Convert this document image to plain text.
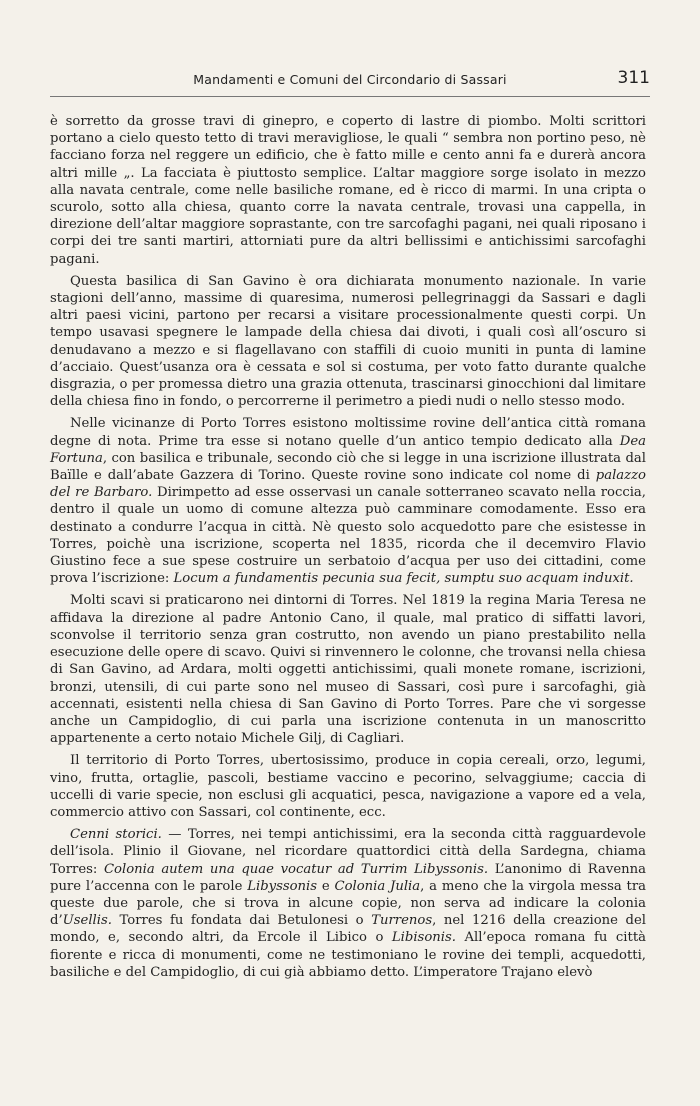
Mandamenti e Comuni del Circondario di Sassari	311

è sorretto da grosse travi di ginepro, e coperto di lastre di piombo. Molti scrittori portano a cielo questo tetto di travi meravigliose, le quali “ sembra non portino peso, nè facciano forza nel reggere un edificio, che è fatto mille e cento anni fa e durerà ancora altri mille „. La facciata è piuttosto semplice. L’altar maggiore sorge isolato in mezzo alla navata centrale, come nelle basiliche romane, ed è ricco di marmi. In una cripta o scurolo, sotto alla chiesa, quanto corre la navata centrale, trovasi una cappella, in direzione dell’altar maggiore soprastante, con tre sarcofaghi pagani, nei quali riposano i corpi dei tre santi martiri, attorniati pure da altri bellissimi e antichissimi sarcofaghi pagani.

Questa basilica di San Gavino è ora dichiarata monumento nazionale. In varie stagioni dell’anno, massime di quaresima, numerosi pellegrinaggi da Sassari e dagli altri paesi vicini, partono per recarsi a visitare processionalmente questi corpi. Un tempo usavasi spegnere le lampade della chiesa dai divoti, i quali così all’oscuro si denudavano a mezzo e si flagellavano con staffili di cuoio muniti in punta di lamine d’acciaio. Quest’usanza ora è cessata e sol si costuma, per voto fatto durante qualche disgrazia, o per promessa dietro una grazia ottenuta, trascinarsi ginocchioni dal limitare della chiesa fino in fondo, o percorrerne il perimetro a piedi nudi o nello stesso modo.

Nelle vicinanze di Porto Torres esistono moltissime rovine dell’antica città romana degne di nota. Prime tra esse si notano quelle d’un antico tempio dedicato alla Dea Fortuna, con basilica e tribunale, secondo ciò che si legge in una iscrizione illustrata dal Baïlle e dall’abate Gazzera di Torino. Queste rovine sono indicate col nome di palazzo del re Barbaro. Dirimpetto ad esse osservasi un canale sotterraneo scavato nella roccia, dentro il quale un uomo di comune altezza può camminare comodamente. Esso era destinato a condurre l’acqua in città. Nè questo solo acquedotto pare che esistesse in Torres, poichè una iscrizione, scoperta nel 1835, ricorda che il decemviro Flavio Giustino fece a sue spese costruire un serbatoio d’acqua per uso dei cittadini, come prova l’iscrizione: Locum a fundamentis pecunia sua fecit, sumptu suo acquam induxit.

Molti scavi si praticarono nei dintorni di Torres. Nel 1819 la regina Maria Teresa ne affidava la direzione al padre Antonio Cano, il quale, mal pratico di siffatti lavori, sconvolse il territorio senza gran costrutto, non avendo un piano prestabilito nella esecuzione delle opere di scavo. Quivi si rinvennero le colonne, che trovansi nella chiesa di San Gavino, ad Ardara, molti oggetti antichissimi, quali monete romane, iscrizioni, bronzi, utensili, di cui parte sono nel museo di Sassari, così pure i sarcofaghi, già accennati, esistenti nella chiesa di San Gavino di Porto Torres. Pare che vi sorgesse anche un Campidoglio, di cui parla una iscrizione contenuta in un manoscritto appartenente a certo notaio Michele Gilj, di Cagliari.

Il territorio di Porto Torres, ubertosissimo, produce in copia cereali, orzo, legumi, vino, frutta, ortaglie, pascoli, bestiame vaccino e pecorino, selvaggiume; caccia di uccelli di varie specie, non esclusi gli acquatici, pesca, navigazione a vapore ed a vela, commercio attivo con Sassari, col continente, ecc.

Cenni storici. — Torres, nei tempi antichissimi, era la seconda città ragguardevole dell’isola. Plinio il Giovane, nel ricordare quattordici città della Sardegna, chiama Torres: Colonia autem una quae vocatur ad Turrim Libyssonis. L’anonimo di Ravenna pure l’accenna con le parole Libyssonis e Colonia Julia, a meno che la virgola messa tra queste due parole, che si trova in alcune copie, non serva ad indicare la colonia d’Usellis. Torres fu fondata dai Betulonesi o Turrenos, nel 1216 della creazione del mondo, e, secondo altri, da Ercole il Libico o Libisonis. All’epoca romana fu città fiorente e ricca di monumenti, come ne testimoniano le rovine dei templi, acquedotti, basiliche e del Campidoglio, di cui già abbiamo detto. L’imperatore Trajano elevò
